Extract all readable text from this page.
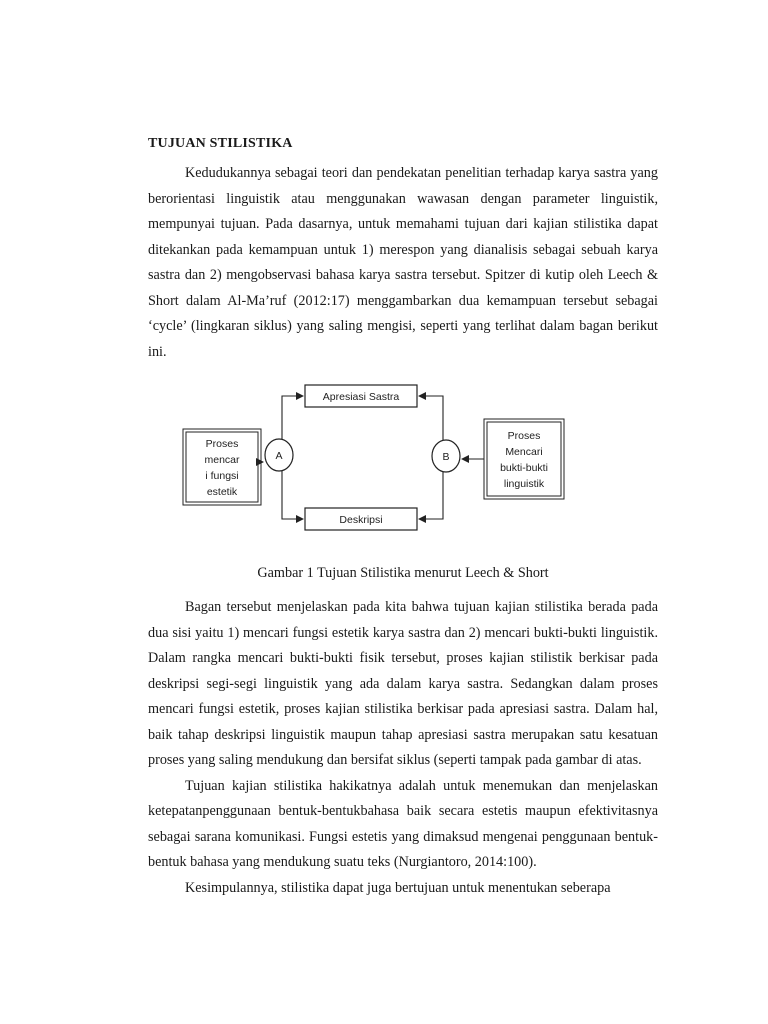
TUJUAN STILISTIKA

Kedudukannya sebagai teori dan pendekatan penelitian terhadap karya sastra yang berorientasi linguistik atau menggunakan wawasan dengan parameter linguistik, mempunyai tujuan. Pada dasarnya, untuk memahami tujuan dari kajian stilistika dapat ditekankan pada kemampuan untuk 1) merespon yang dianalisis sebagai sebuah karya sastra dan 2) mengobservasi bahasa karya sastra tersebut. Spitzer di kutip oleh Leech & Short dalam Al-Ma’ruf (2012:17) menggambarkan dua kemampuan tersebut sebagai ‘cycle’ (lingkaran siklus) yang saling mengisi, seperti yang terlihat dalam bagan berikut ini.

Apresiasi Sastra
Deskripsi
Proses
mencar
i fungsi
estetik
Proses
Mencari
bukti-bukti
linguistik
A	B
Gambar 1 Tujuan Stilistika menurut Leech & Short

Bagan tersebut menjelaskan pada kita bahwa tujuan kajian stilistika berada pada dua sisi yaitu 1) mencari fungsi estetik karya sastra dan 2) mencari bukti-bukti linguistik. Dalam rangka mencari bukti-bukti fisik tersebut, proses kajian stilistik berkisar pada deskripsi segi-segi linguistik yang ada dalam karya sastra. Sedangkan dalam proses mencari fungsi estetik, proses kajian stilistika berkisar pada apresiasi sastra. Dalam hal, baik tahap deskripsi linguistik maupun tahap apresiasi sastra merupakan satu kesatuan proses yang saling mendukung dan bersifat siklus (seperti tampak pada gambar di atas.

Tujuan kajian stilistika hakikatnya adalah untuk menemukan dan menjelaskan ketepatanpenggunaan bentuk-bentukbahasa baik secara estetis maupun efektivitasnya sebagai sarana komunikasi. Fungsi estetis yang dimaksud mengenai penggunaan bentuk-bentuk bahasa yang mendukung suatu teks (Nurgiantoro, 2014:100).

Kesimpulannya, stilistika dapat juga bertujuan untuk menentukan seberapa
